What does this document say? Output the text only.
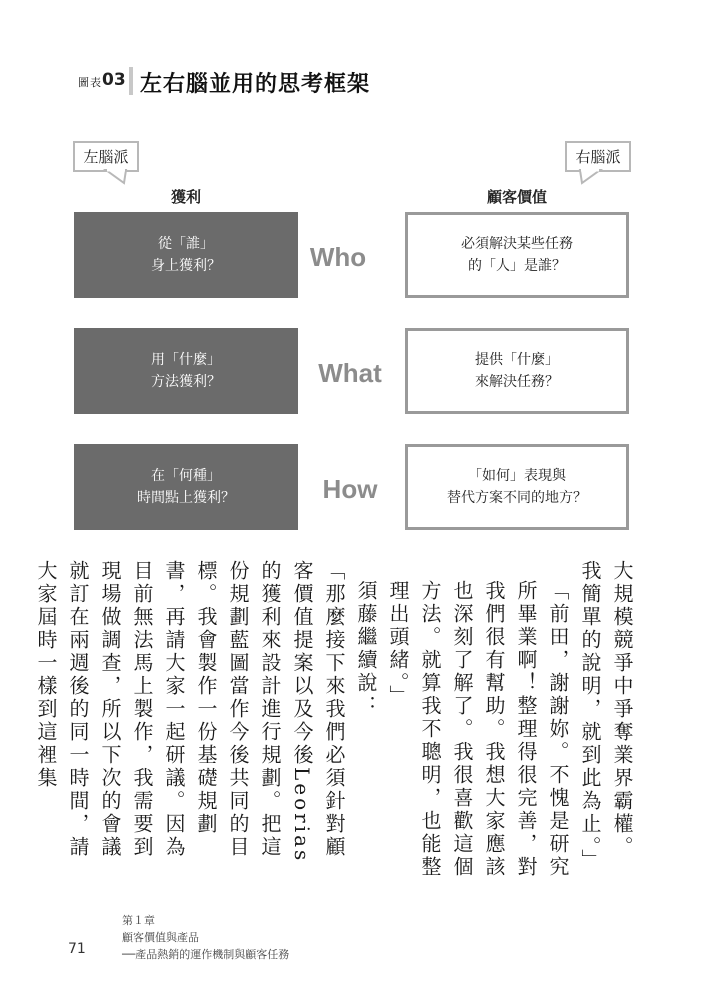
圖表 03 左右腦並用的思考框架
左腦派	右腦派
獲利	顧客價值
從「誰」
身上獲利？	Who	必須解決某些任務
的「人」是誰？
用「什麼」
方法獲利？	What	提供「什麼」
來解決任務？
在「何種」
時間點上獲利？	How	「如何」表現與
替代方案不同的地方？

大規模競爭中爭奪業界霸權。我簡單的說明，就到此為止。」

「前田，謝謝妳。不愧是研究所畢業啊！整理得很完善，對我們很有幫助。我想大家應該也深刻了解了。我很喜歡這個方法。就算我不聰明，也能整理出頭緒。」

須藤繼續說：

「那麼接下來我們必須針對顧客價值提案以及今後Leorias的獲利來設計進行規劃。把這份規劃藍圖當作今後共同的目標。我會製作一份基礎規劃書，再請大家一起研議。因為目前無法馬上製作，我需要到現場做調查，所以下次的會議就訂在兩週後的同一時間，請大家屆時一樣到這裡集

71
第１章
顧客價值與產品
──產品熱銷的運作機制與顧客任務
